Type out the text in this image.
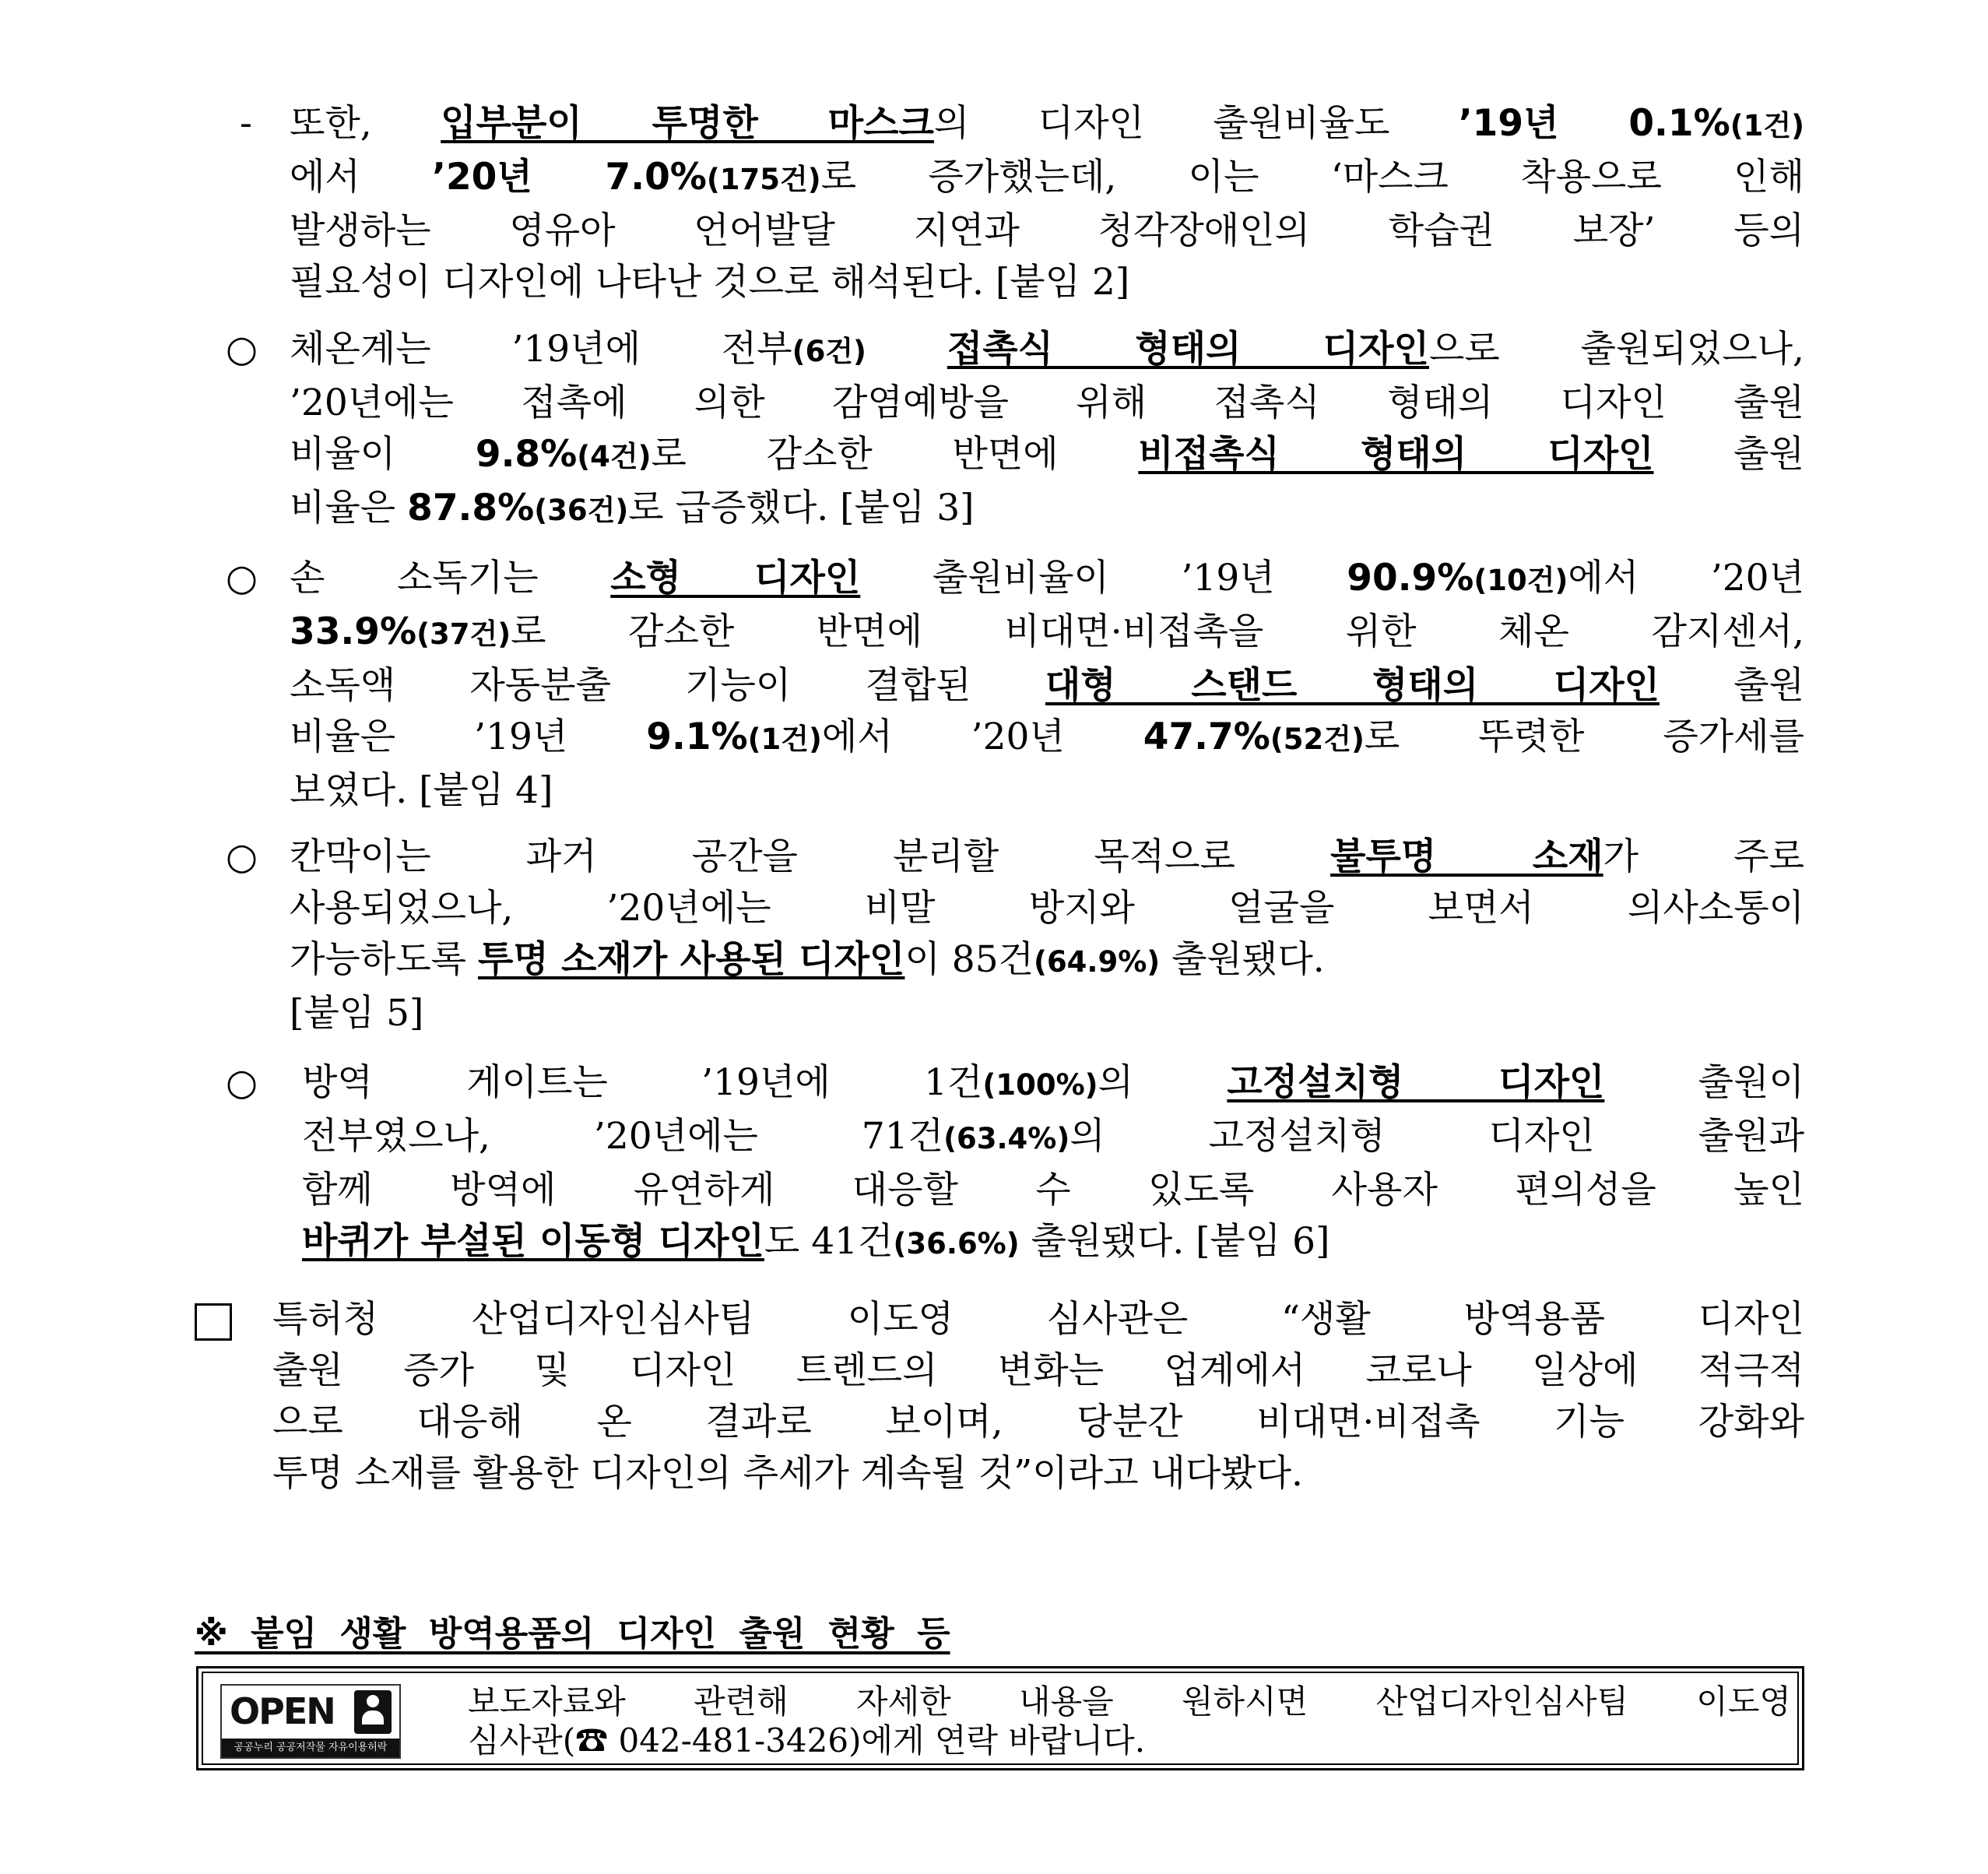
- 또한, 입부분이 투명한 마스크의 디자인 출원비율도 ’19년 0.1%(1건)
에서 ’20년 7.0%(175건)로 증가했는데, 이는 ‘마스크 착용으로 인해
발생하는 영유아 언어발달 지연과 청각장애인의 학습권 보장’ 등의
필요성이 디자인에 나타난 것으로 해석된다. [붙임 2]
○ 체온계는 ’19년에 전부(6건) 접촉식 형태의 디자인으로 출원되었으나,
’20년에는 접촉에 의한 감염예방을 위해 접촉식 형태의 디자인 출원
비율이 9.8%(4건)로 감소한 반면에 비접촉식 형태의 디자인 출원
비율은 87.8%(36건)로 급증했다. [붙임 3]
○ 손 소독기는 소형 디자인 출원비율이 ’19년 90.9%(10건)에서 ’20년
33.9%(37건)로 감소한 반면에 비대면·비접촉을 위한 체온 감지센서,
소독액 자동분출 기능이 결합된 대형 스탠드 형태의 디자인 출원
비율은 ’19년 9.1%(1건)에서 ’20년 47.7%(52건)로 뚜렷한 증가세를
보였다. [붙임 4]
○ 칸막이는 과거 공간을 분리할 목적으로 불투명 소재가 주로
사용되었으나, ’20년에는 비말 방지와 얼굴을 보면서 의사소통이
가능하도록 투명 소재가 사용된 디자인이 85건(64.9%) 출원됐다.
[붙임 5]
○ 방역 게이트는 ’19년에 1건(100%)의 고정설치형 디자인 출원이
전부였으나, ’20년에는 71건(63.4%)의 고정설치형 디자인 출원과
함께 방역에 유연하게 대응할 수 있도록 사용자 편의성을 높인
바퀴가 부설된 이동형 디자인도 41건(36.6%) 출원됐다. [붙임 6]
특허청 산업디자인심사팀 이도영 심사관은 “생활 방역용품 디자인
출원 증가 및 디자인 트렌드의 변화는 업계에서 코로나 일상에 적극적
으로 대응해 온 결과로 보이며, 당분간 비대면·비접촉 기능 강화와
투명 소재를 활용한 디자인의 추세가 계속될 것”이라고 내다봤다.
※ 붙임 생활 방역용품의 디자인 출원 현황 등
OPEN
공공누리 공공저작물 자유이용허락
보도자료와 관련해 자세한 내용을 원하시면 산업디자인심사팀 이도영
심사관(☎ 042-481-3426)에게 연락 바랍니다.
